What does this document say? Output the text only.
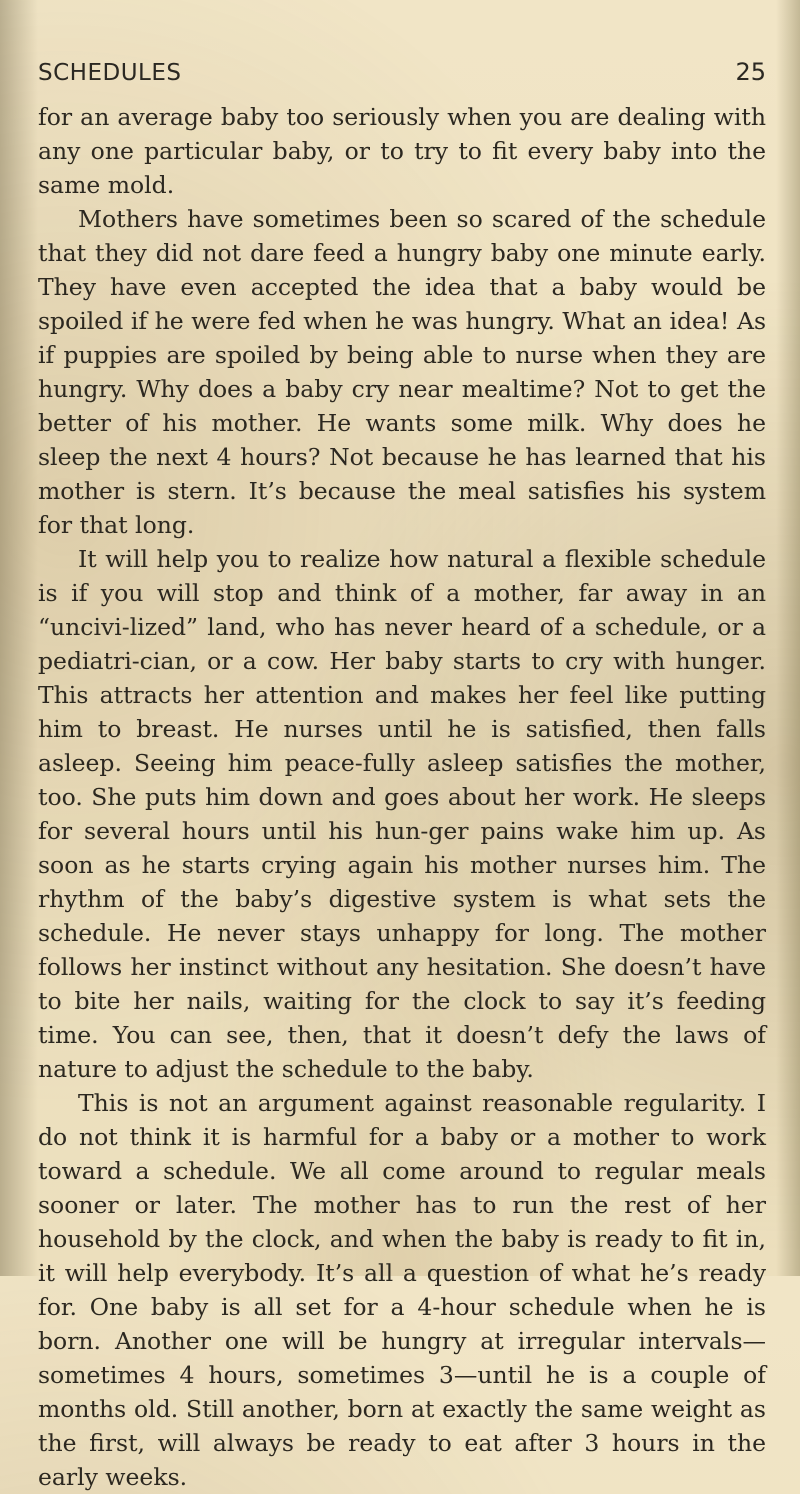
SCHEDULES	25

for an average baby too seriously when you are dealing with any one particular baby, or to try to fit every baby into the same mold.

Mothers have sometimes been so scared of the schedule that they did not dare feed a hungry baby one minute early. They have even accepted the idea that a baby would be spoiled if he were fed when he was hungry. What an idea! As if puppies are spoiled by being able to nurse when they are hungry. Why does a baby cry near mealtime? Not to get the better of his mother. He wants some milk. Why does he sleep the next 4 hours? Not because he has learned that his mother is stern. It’s because the meal satisfies his system for that long.

It will help you to realize how natural a flexible schedule is if you will stop and think of a mother, far away in an “uncivi-lized” land, who has never heard of a schedule, or a pediatri-cian, or a cow. Her baby starts to cry with hunger. This attracts her attention and makes her feel like putting him to breast. He nurses until he is satisfied, then falls asleep. Seeing him peace-fully asleep satisfies the mother, too. She puts him down and goes about her work. He sleeps for several hours until his hun-ger pains wake him up. As soon as he starts crying again his mother nurses him. The rhythm of the baby’s digestive system is what sets the schedule. He never stays unhappy for long. The mother follows her instinct without any hesitation. She doesn’t have to bite her nails, waiting for the clock to say it’s feeding time. You can see, then, that it doesn’t defy the laws of nature to adjust the schedule to the baby.

This is not an argument against reasonable regularity. I do not think it is harmful for a baby or a mother to work toward a schedule. We all come around to regular meals sooner or later. The mother has to run the rest of her household by the clock, and when the baby is ready to fit in, it will help everybody. It’s all a question of what he’s ready for. One baby is all set for a 4-hour schedule when he is born. Another one will be hungry at irregular intervals—sometimes 4 hours, sometimes 3—until he is a couple of months old. Still another, born at exactly the same weight as the first, will always be ready to eat after 3 hours in the early weeks.
